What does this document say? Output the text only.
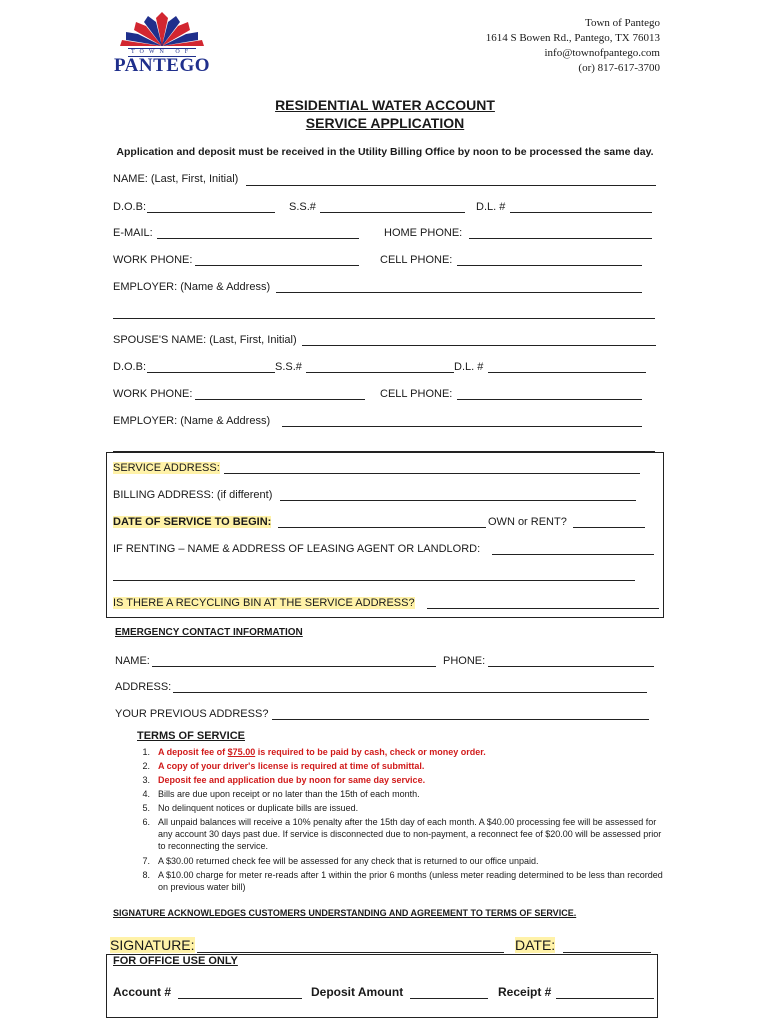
TOWN OF
PANTEGO
Town of Pantego
1614 S Bowen Rd., Pantego, TX 76013
info@townofpantego.com
(or) 817-617-3700
RESIDENTIAL WATER ACCOUNT
SERVICE APPLICATION
Application and deposit must be received in the Utility Billing Office by noon to be processed the same day.
NAME: (Last, First, Initial)
D.O.B:	S.S.#	D.L. #
E-MAIL:	HOME PHONE:
WORK PHONE:	CELL PHONE:
EMPLOYER: (Name & Address)
SPOUSE'S NAME: (Last, First, Initial)
D.O.B:	S.S.#	D.L. #
WORK PHONE:	CELL PHONE:
EMPLOYER: (Name & Address)
SERVICE ADDRESS:
BILLING ADDRESS: (if different)
DATE OF SERVICE TO BEGIN:	OWN or RENT?
IF RENTING – NAME & ADDRESS OF LEASING AGENT OR LANDLORD:
IS THERE A RECYCLING BIN AT THE SERVICE ADDRESS?
EMERGENCY CONTACT INFORMATION
NAME:	PHONE:
ADDRESS:
YOUR PREVIOUS ADDRESS?
TERMS OF SERVICE
1. A deposit fee of $75.00 is required to be paid by cash, check or money order.
2. A copy of your driver's license is required at time of submittal.
3. Deposit fee and application due by noon for same day service.
4. Bills are due upon receipt or no later than the 15th of each month.
5. No delinquent notices or duplicate bills are issued.
6. All unpaid balances will receive a 10% penalty after the 15th day of each month. A $40.00 processing fee will be assessed for any account 30 days past due. If service is disconnected due to non-payment, a reconnect fee of $20.00 will be assessed prior to reconnecting the service.
7. A $30.00 returned check fee will be assessed for any check that is returned to our office unpaid.
8. A $10.00 charge for meter re-reads after 1 within the prior 6 months (unless meter reading determined to be less than recorded on previous water bill)
SIGNATURE ACKNOWLEDGES CUSTOMERS UNDERSTANDING AND AGREEMENT TO TERMS OF SERVICE.
SIGNATURE:	DATE:
FOR OFFICE USE ONLY
Account #	Deposit Amount	Receipt #
